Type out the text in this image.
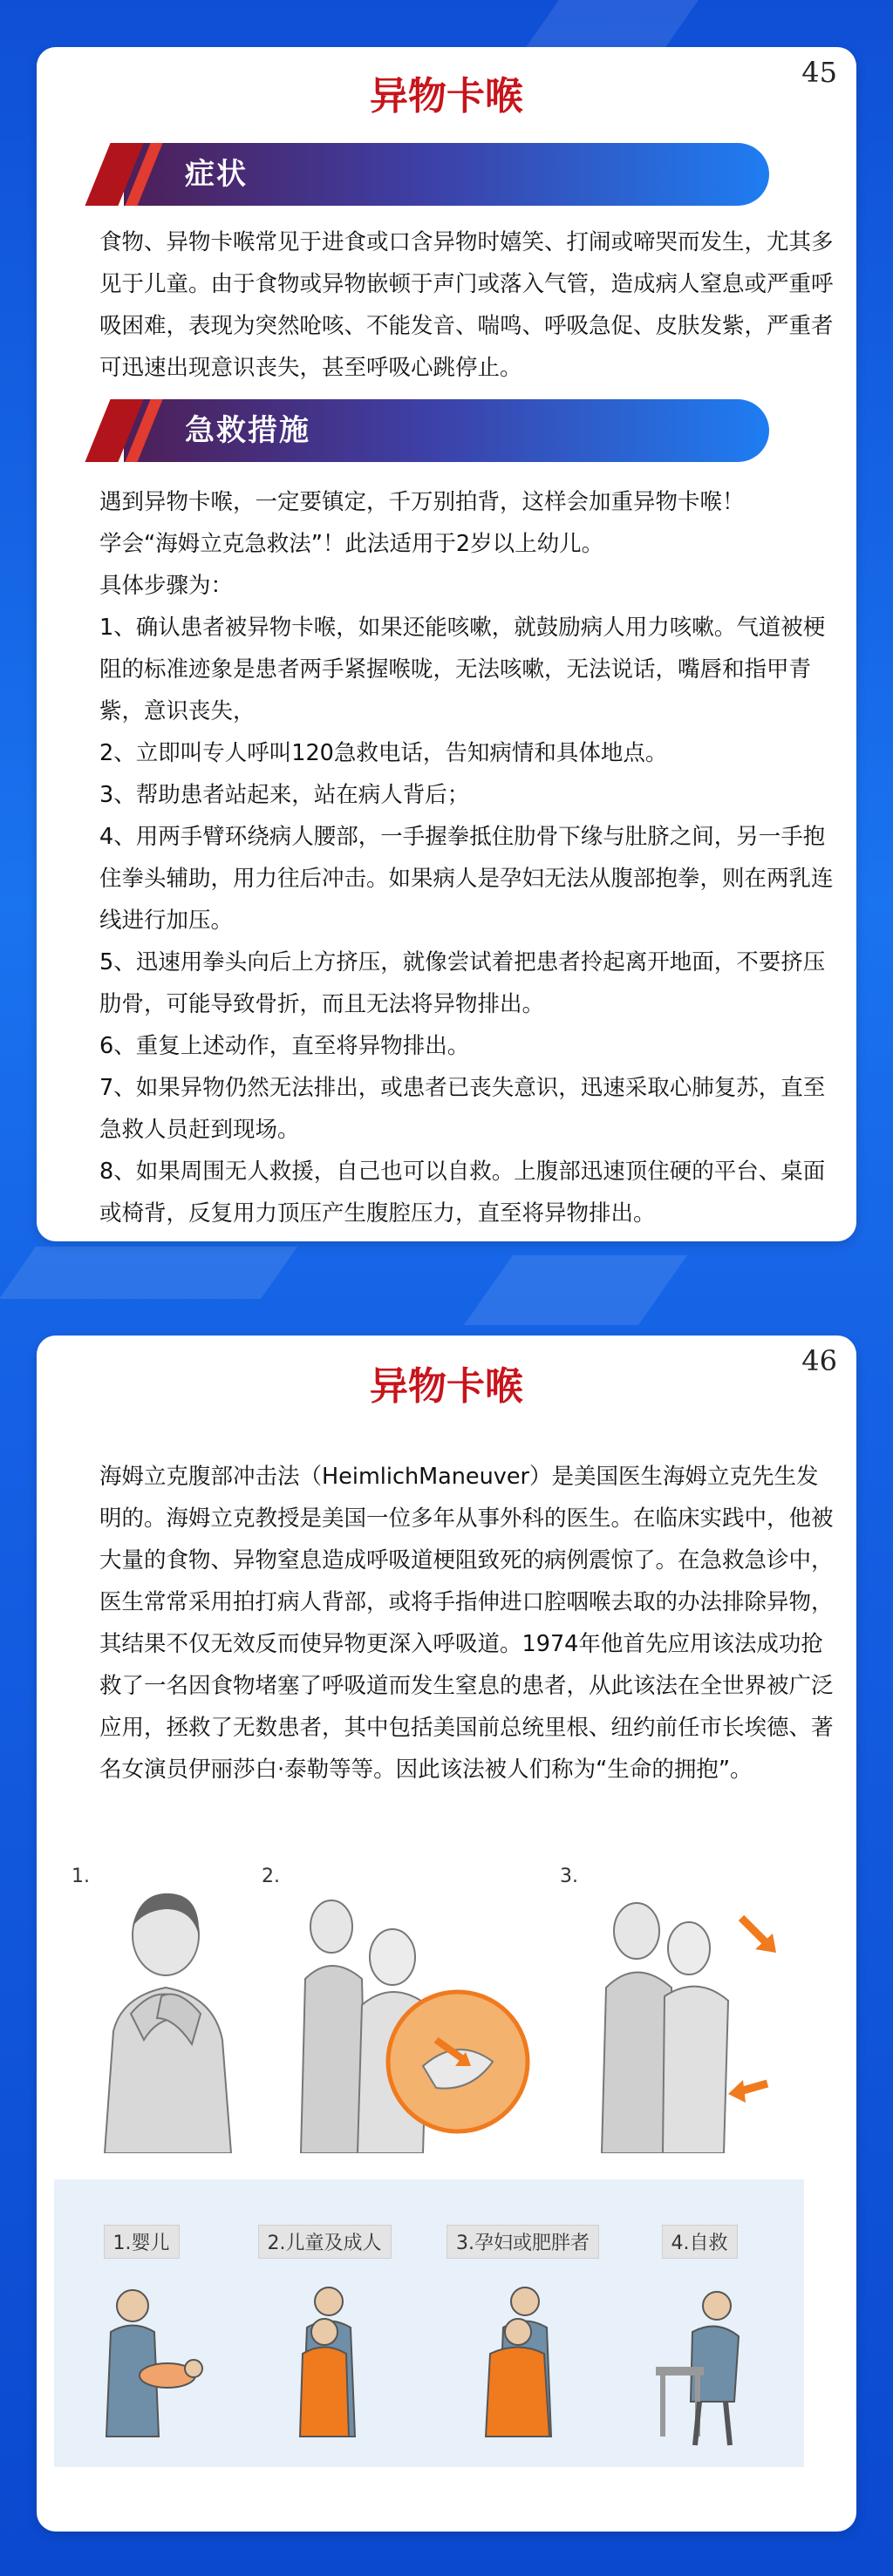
45
异物卡喉
症状

食物、异物卡喉常见于进食或口含异物时嬉笑、打闹或啼哭而发生，尤其多见于儿童。由于食物或异物嵌顿于声门或落入气管，造成病人窒息或严重呼吸困难，表现为突然呛咳、不能发音、喘鸣、呼吸急促、皮肤发紫，严重者可迅速出现意识丧失，甚至呼吸心跳停止。

急救措施

遇到异物卡喉，一定要镇定，千万别拍背，这样会加重异物卡喉！

学会“海姆立克急救法”！此法适用于2岁以上幼儿。

具体步骤为：

1、确认患者被异物卡喉，如果还能咳嗽，就鼓励病人用力咳嗽。气道被梗阻的标准迹象是患者两手紧握喉咙，无法咳嗽，无法说话，嘴唇和指甲青紫，意识丧失，

2、立即叫专人呼叫120急救电话，告知病情和具体地点。

3、帮助患者站起来，站在病人背后；

4、用两手臂环绕病人腰部，一手握拳抵住肋骨下缘与肚脐之间，另一手抱住拳头辅助，用力往后冲击。如果病人是孕妇无法从腹部抱拳，则在两乳连线进行加压。

5、迅速用拳头向后上方挤压，就像尝试着把患者拎起离开地面，不要挤压肋骨，可能导致骨折，而且无法将异物排出。

6、重复上述动作，直至将异物排出。

7、如果异物仍然无法排出，或患者已丧失意识，迅速采取心肺复苏，直至急救人员赶到现场。

8、如果周围无人救援，自己也可以自救。上腹部迅速顶住硬的平台、桌面或椅背，反复用力顶压产生腹腔压力，直至将异物排出。

46
异物卡喉

海姆立克腹部冲击法（HeimlichManeuver）是美国医生海姆立克先生发明的。海姆立克教授是美国一位多年从事外科的医生。在临床实践中，他被大量的食物、异物窒息造成呼吸道梗阻致死的病例震惊了。在急救急诊中，医生常常采用拍打病人背部，或将手指伸进口腔咽喉去取的办法排除异物，其结果不仅无效反而使异物更深入呼吸道。1974年他首先应用该法成功抢救了一名因食物堵塞了呼吸道而发生窒息的患者，从此该法在全世界被广泛应用，拯救了无数患者，其中包括美国前总统里根、纽约前任市长埃德、著名女演员伊丽莎白·泰勒等等。因此该法被人们称为“生命的拥抱”。

1.	2.	3.
1.婴儿	2.儿童及成人	3.孕妇或肥胖者	4.自救
